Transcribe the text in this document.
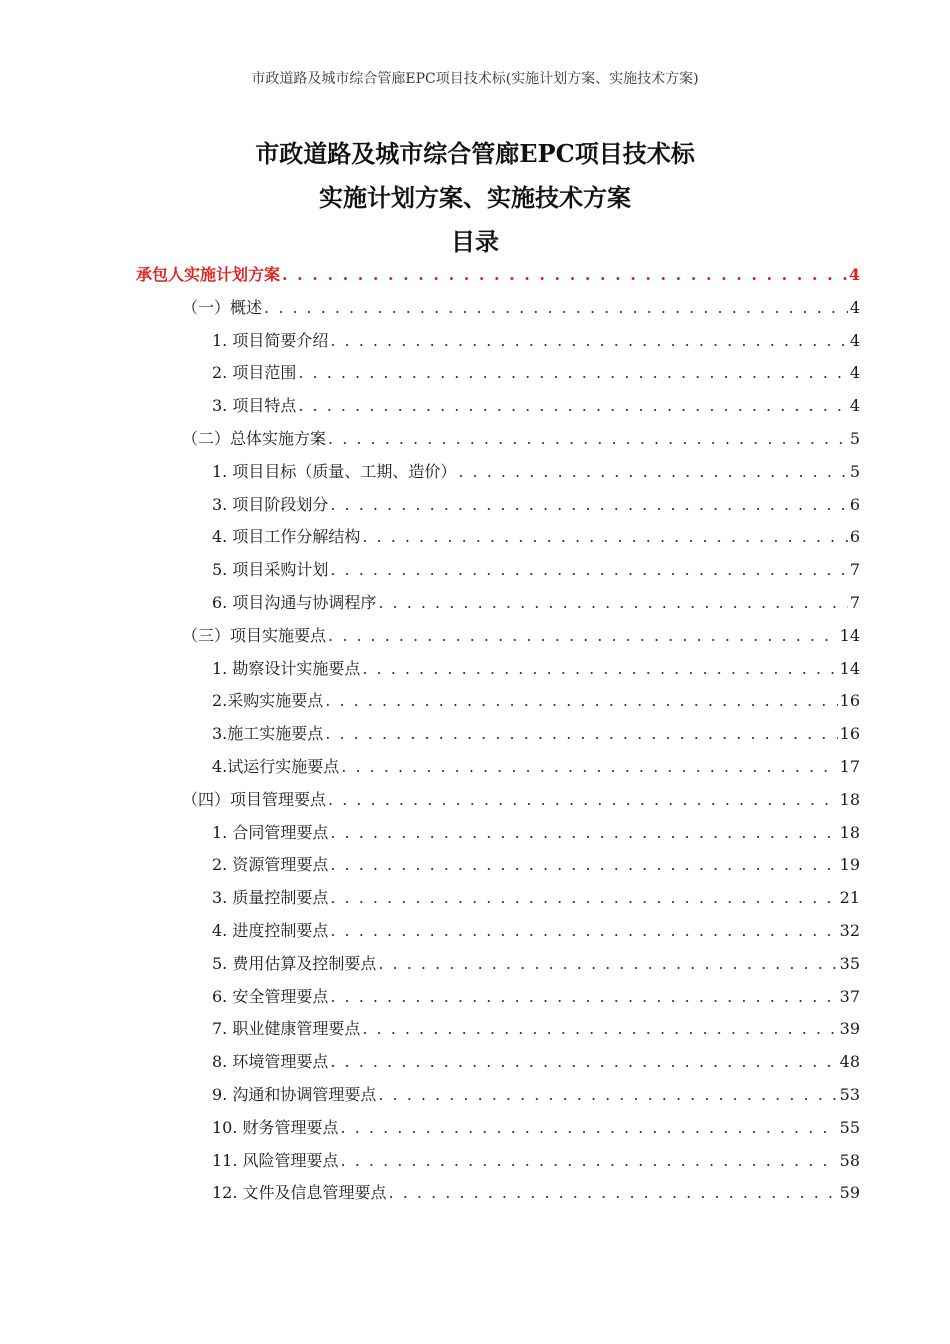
市政道路及城市综合管廊EPC项目技术标(实施计划方案、实施技术方案)
市政道路及城市综合管廊EPC项目技术标
实施计划方案、实施技术方案
目录
承包人实施计划方案 . . .	4
（一）概述 . . .	4
1. 项目简要介绍 . . .	4
2. 项目范围 . . .	4
3. 项目特点 . . .	4
（二）总体实施方案 . . .	5
1. 项目目标（质量、工期、造价） . . .	5
3. 项目阶段划分 . . .	6
4. 项目工作分解结构 . . .	6
5. 项目采购计划 . . .	7
6. 项目沟通与协调程序 . . .	7
（三）项目实施要点 . . .	14
1. 勘察设计实施要点 . . .	14
2.采购实施要点 . . .	16
3.施工实施要点 . . .	16
4.试运行实施要点 . . .	17
（四）项目管理要点 . . .	18
1. 合同管理要点 . . .	18
2. 资源管理要点 . . .	19
3. 质量控制要点 . . .	21
4. 进度控制要点 . . .	32
5. 费用估算及控制要点 . . .	35
6. 安全管理要点 . . .	37
7. 职业健康管理要点 . . .	39
8. 环境管理要点 . . .	48
9. 沟通和协调管理要点 . . .	53
10. 财务管理要点 . . .	55
11. 风险管理要点 . . .	58
12. 文件及信息管理要点 . . .	59
